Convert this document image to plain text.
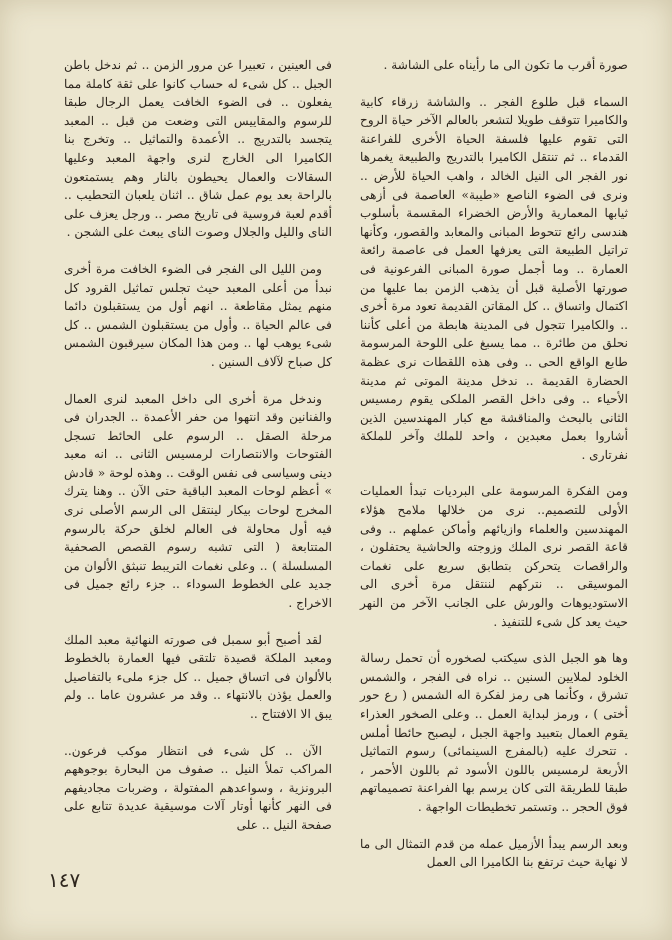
صورة أقرب ما تكون الى ما رأيناه على الشاشة .

السماء قبل طلوع الفجر .. والشاشة زرقاء كابية والكاميرا تتوقف طويلا لتشعر بالعالم الآخر حياة الروح التى تقوم عليها فلسفة الحياة الأخرى للفراعنة القدماء .. ثم تنتقل الكاميرا بالتدريج والطبيعة يغمرها نور الفجر الى النيل الخالد ، واهب الحياة للأرض .. ونرى فى الضوء الناصع «طيبة» العاصمة فى أزهى ثيابها المعمارية والأرض الخضراء المقسمة بأسلوب هندسى رائع تتحوط المبانى والمعابد والقصور، وكأنها تراتيل الطبيعة التى يعزفها العمل فى عاصمة رائعة العمارة .. وما أجمل صورة المبانى الفرعونية فى صورتها الأصلية قبل أن يذهب الزمن بما عليها من اكتمال واتساق .. كل المقاتن القديمة تعود مرة أخرى .. والكاميرا تتجول فى المدينة هابطة من أعلى كأننا نحلق من طائرة .. مما يسبغ على اللوحة المرسومة طابع الواقع الحى .. وفى هذه اللقطات نرى عظمة الحضارة القديمة .. ندخل مدينة الموتى ثم مدينة الأحياء .. وفى داخل القصر الملكى يقوم رمسيس الثانى بالبحث والمناقشة مع كبار المهندسين الذين أشاروا بعمل معبدين ، واحد للملك وآخر للملكة نفرتارى .

ومن الفكرة المرسومة على البرديات تبدأ العمليات الأولى للتصميم.. نرى من خلالها ملامح هؤلاء المهندسين والعلماء وازيائهم وأماكن عملهم .. وفى قاعة القصر نرى الملك وزوجته والحاشية يحتفلون ، والراقصات يتحركن بتطابق سريع على نغمات الموسيقى .. نتركهم لننتقل مرة أخرى الى الاستوديوهات والورش على الجانب الآخر من النهر حيث يعد كل شىء للتنفيذ .

وها هو الجبل الذى سيكتب لصخوره أن تحمل رسالة الخلود لملايين السنين .. نراه فى الفجر ، والشمس تشرق ، وكأنما هى رمز لفكرة اله الشمس ( رع حور أختى ) ، ورمز لبداية العمل .. وعلى الصخور العذراء يقوم العمال بتعبيد واجهة الجبل ، ليصبح حائطا أملس . تتحرك عليه (بالمفرج السينمائى) رسوم التماثيل الأربعة لرمسيس باللون الأسود ثم باللون الأحمر ، طبقا للطريقة التى كان يرسم بها الفراعنة تصميماتهم فوق الحجر .. وتستمر تخطيطات الواجهة .

وبعد الرسم يبدأ الأزميل عمله من قدم التمثال الى ما لا نهاية حيث ترتفع بنا الكاميرا الى العمل

فى العينين ، تعبيرا عن مرور الزمن .. ثم ندخل باطن الجبل .. كل شىء له حساب كانوا على ثقة كاملة مما يفعلون .. فى الضوء الخافت يعمل الرجال طبقا للرسوم والمقاييس التى وضعت من قبل .. المعبد يتجسد بالتدريج .. الأعمدة والتماثيل .. وتخرج بنا الكاميرا الى الخارج لنرى واجهة المعبد وعليها السقالات والعمال يحيطون بالنار وهم يستمتعون بالراحة بعد يوم عمل شاق .. اثنان يلعبان التحطيب .. أقدم لعبة فروسية فى تاريخ مصر .. ورجل يعزف على الناى والليل والجلال وصوت الناى يبعث على الشجن .

ومن الليل الى الفجر فى الضوء الخافت مرة أخرى نبدأ من أعلى المعبد حيث تجلس تماثيل القرود كل منهم يمثل مقاطعة .. انهم أول من يستقبلون دائما فى عالم الحياة .. وأول من يستقبلون الشمس .. كل شىء يوهب لها .. ومن هذا المكان سيرقبون الشمس كل صباح لآلاف السنين .

وندخل مرة أخرى الى داخل المعبد لنرى العمال والفنانين وقد انتهوا من حفر الأعمدة .. الجدران فى مرحلة الصقل .. الرسوم على الحائط تسجل الفتوحات والانتصارات لرمسيس الثانى .. انه معبد دينى وسياسى فى نفس الوقت .. وهذه لوحة « قادش » أعظم لوحات المعبد الباقية حتى الآن .. وهنا يترك المخرج لوحات بيكار لينتقل الى الرسم الأصلى نرى فيه أول محاولة فى العالم لخلق حركة بالرسوم المتتابعة ( التى تشبه رسوم القصص الصحفية المسلسلة ) .. وعلى نغمات التريبط تنبثق الألوان من جديد على الخطوط السوداء .. جزء رائع جميل فى الاخراج .

لقد أصبح أبو سمبل فى صورته النهائية معبد الملك ومعبد الملكة قصيدة تلتقى فيها العمارة بالخطوط بالألوان فى اتساق جميل .. كل جزء ملىء بالتفاصيل والعمل يؤذن بالانتهاء .. وقد مر عشرون عاما .. ولم يبق الا الافتتاح ..

الآن .. كل شىء فى انتظار موكب فرعون.. المراكب تملأ النيل .. صفوف من البحارة بوجوههم البرونزية ، وسواعدهم المفتولة ، وضربات مجاديفهم فى النهر كأنها أوتار آلات موسيقية عديدة تتابع على صفحة النيل .. على

١٤٧
